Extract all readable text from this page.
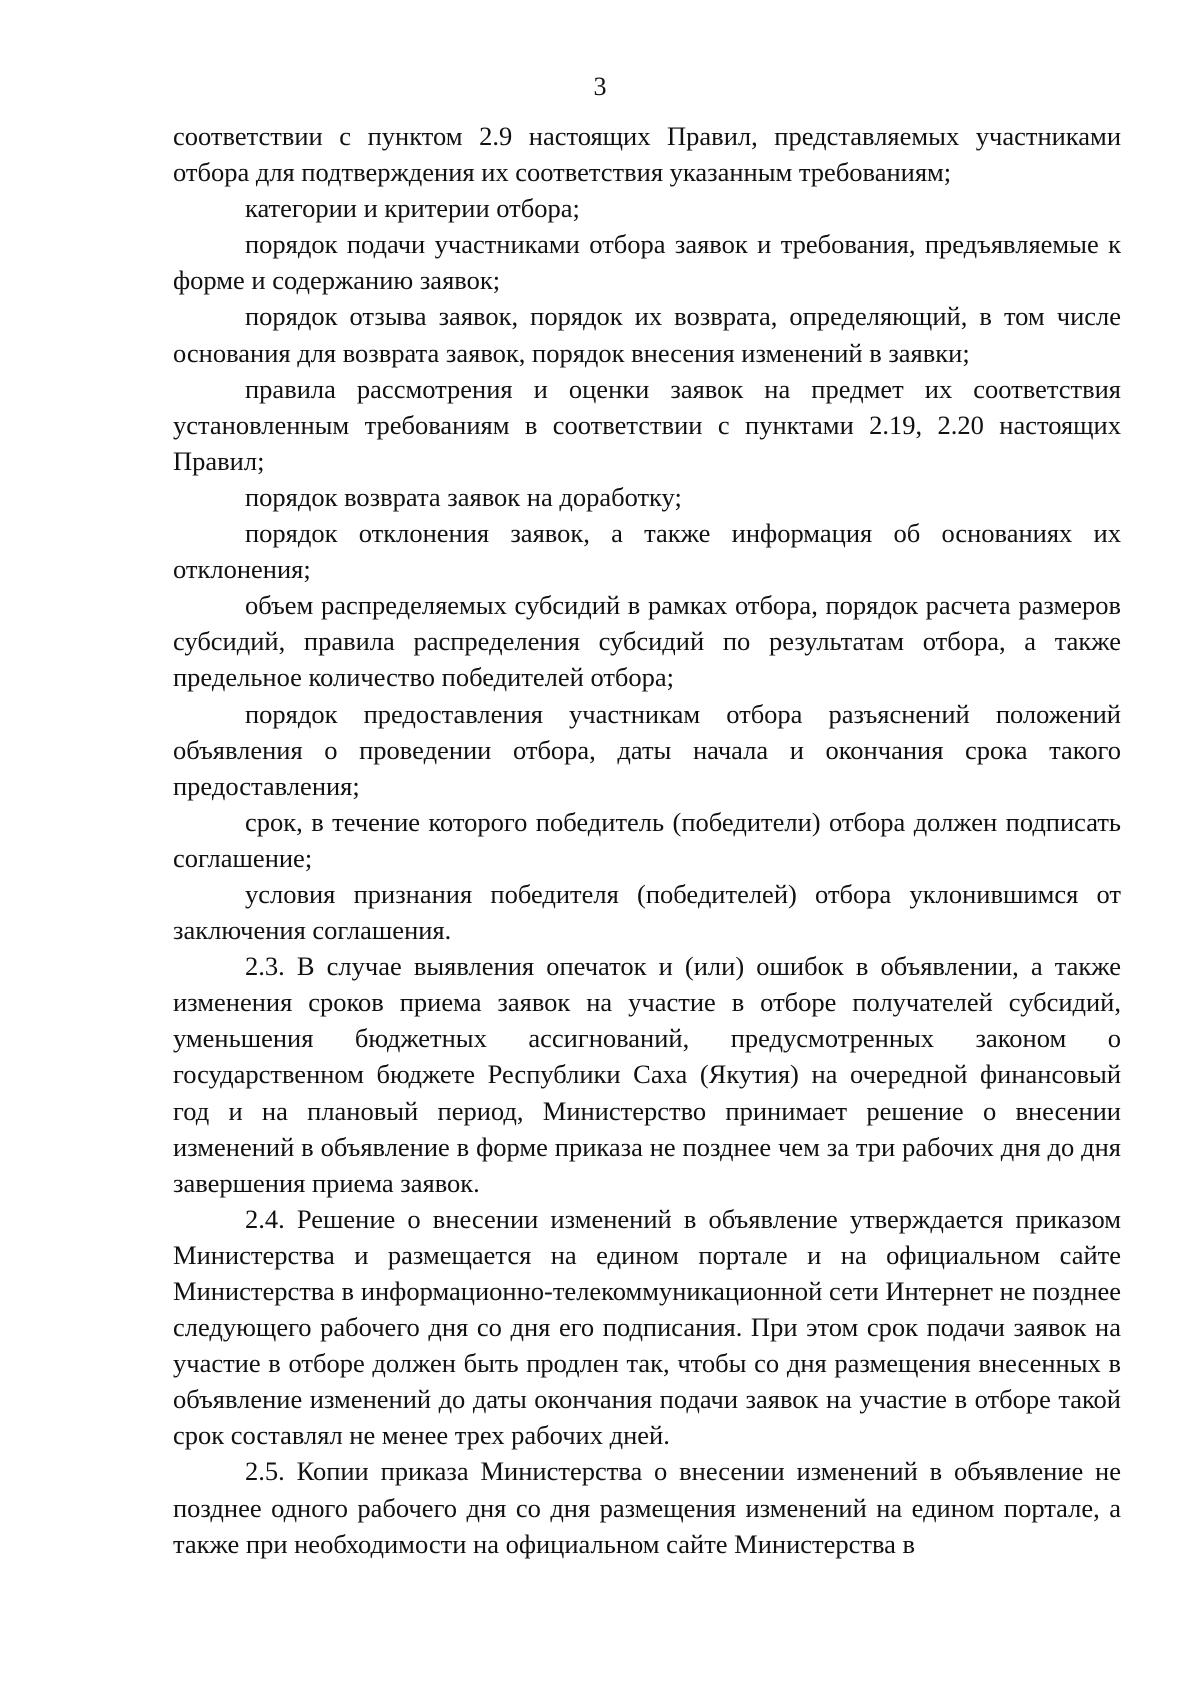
3

соответствии с пунктом 2.9 настоящих Правил, представляемых участниками отбора для подтверждения их соответствия указанным требованиям;

категории и критерии отбора;

порядок подачи участниками отбора заявок и требования, предъявляемые к форме и содержанию заявок;

порядок отзыва заявок, порядок их возврата, определяющий, в том числе основания для возврата заявок, порядок внесения изменений в заявки;

правила рассмотрения и оценки заявок на предмет их соответствия установленным требованиям в соответствии с пунктами 2.19, 2.20 настоящих Правил;

порядок возврата заявок на доработку;

порядок отклонения заявок, а также информация об основаниях их отклонения;

объем распределяемых субсидий в рамках отбора, порядок расчета размеров субсидий, правила распределения субсидий по результатам отбора, а также предельное количество победителей отбора;

порядок предоставления участникам отбора разъяснений положений объявления о проведении отбора, даты начала и окончания срока такого предоставления;

срок, в течение которого победитель (победители) отбора должен подписать соглашение;

условия признания победителя (победителей) отбора уклонившимся от заключения соглашения.

2.3. В случае выявления опечаток и (или) ошибок в объявлении, а также изменения сроков приема заявок на участие в отборе получателей субсидий, уменьшения бюджетных ассигнований, предусмотренных законом о государственном бюджете Республики Саха (Якутия) на очередной финансовый год и на плановый период, Министерство принимает решение о внесении изменений в объявление в форме приказа не позднее чем за три рабочих дня до дня завершения приема заявок.

2.4. Решение о внесении изменений в объявление утверждается приказом Министерства и размещается на едином портале и на официальном сайте Министерства в информационно-телекоммуникационной сети Интернет не позднее следующего рабочего дня со дня его подписания. При этом срок подачи заявок на участие в отборе должен быть продлен так, чтобы со дня размещения внесенных в объявление изменений до даты окончания подачи заявок на участие в отборе такой срок составлял не менее трех рабочих дней.

2.5. Копии приказа Министерства о внесении изменений в объявление не позднее одного рабочего дня со дня размещения изменений на едином портале, а также при необходимости на официальном сайте Министерства в
